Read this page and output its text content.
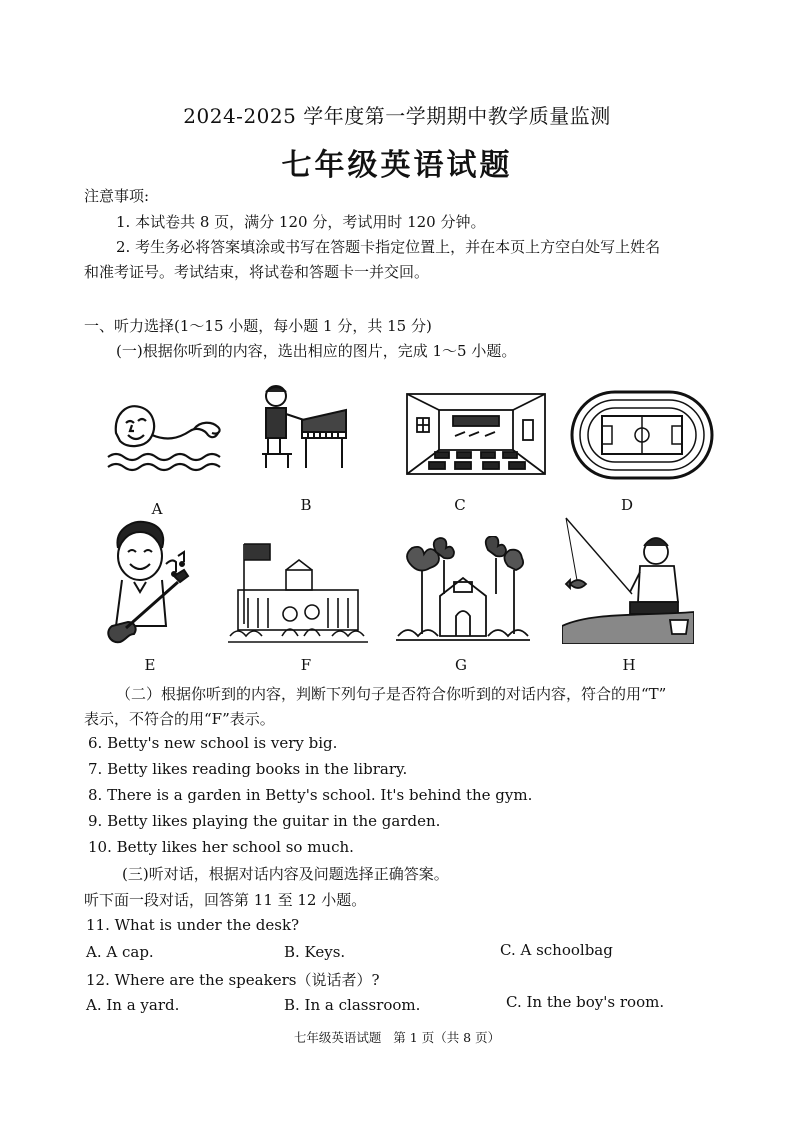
2024-2025 学年度第一学期期中教学质量监测
七年级英语试题
注意事项:
1. 本试卷共 8 页，满分 120 分，考试用时 120 分钟。
2. 考生务必将答案填涂或书写在答题卡指定位置上，并在本页上方空白处写上姓名
和准考证号。考试结束，将试卷和答题卡一并交回。
一、听力选择(1～15 小题，每小题 1 分，共 15 分)
(一)根据你听到的内容，选出相应的图片，完成 1～5 小题。
A	B	C	D
E	F	G	H
（二）根据你听到的内容，判断下列句子是否符合你听到的对话内容，符合的用“T”
表示，不符合的用“F”表示。
6. Betty's new school is very big.
7. Betty likes reading books in the library.
8. There is a garden in Betty's school. It's behind the gym.
9. Betty likes playing the guitar in the garden.
10. Betty likes her school so much.
(三)听对话，根据对话内容及问题选择正确答案。
听下面一段对话，回答第 11 至 12 小题。
11. What is under the desk?
A. A cap.	B. Keys.	C. A schoolbag
12. Where are the speakers（说话者）?
A. In a yard.	B. In a classroom.	C. In the boy's room.
七年级英语试题   第 1 页（共 8 页）
